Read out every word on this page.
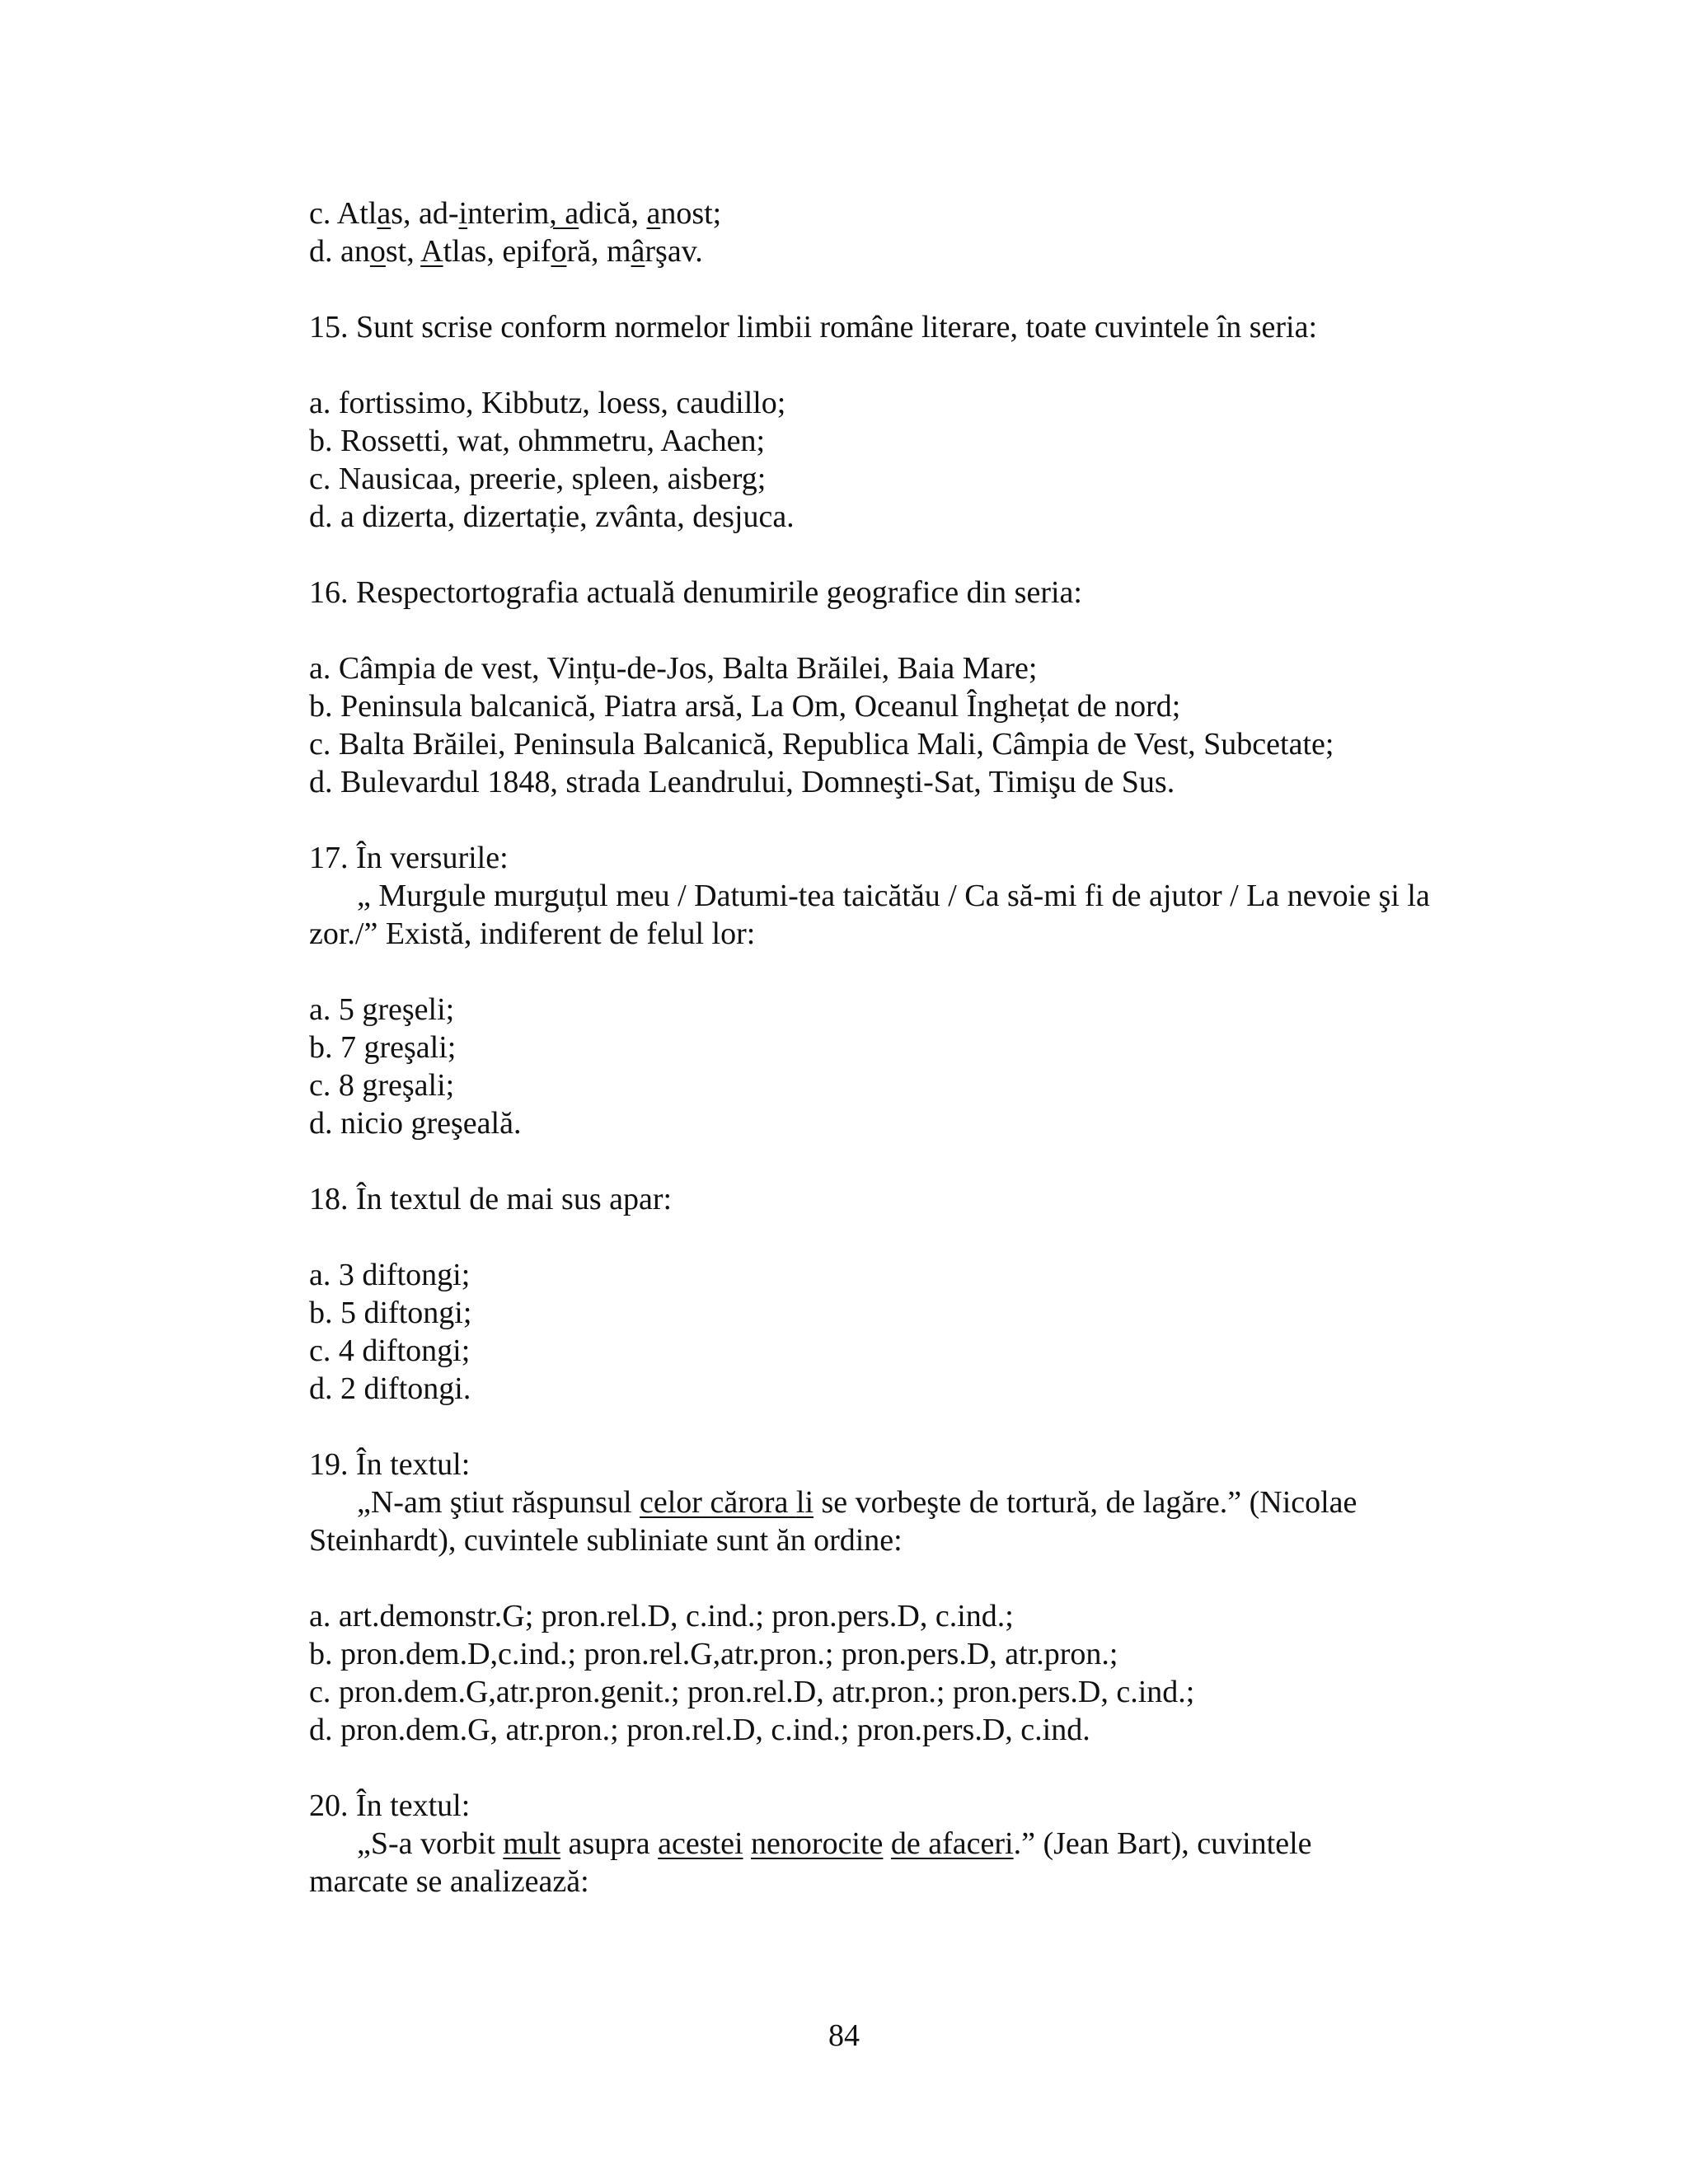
c. Atlas, ad-interim, adică, anost;
d. anost, Atlas, epiforă, mârşav.
15. Sunt scrise conform normelor limbii române literare, toate cuvintele în seria:
a. fortissimo, Kibbutz, loess, caudillo;
b. Rossetti, wat, ohmmetru, Aachen;
c. Nausicaa, preerie, spleen, aisberg;
d. a dizerta, dizertație, zvânta, desjuca.
16. Respectortografia actuală denumirile geografice din seria:
a. Câmpia de vest, Vințu-de-Jos, Balta Brăilei, Baia Mare;
b. Peninsula balcanică, Piatra arsă, La Om, Oceanul Înghețat de nord;
c. Balta Brăilei, Peninsula Balcanică, Republica Mali, Câmpia de Vest, Subcetate;
d. Bulevardul 1848, strada Leandrului, Domneşti-Sat, Timişu de Sus.
17. În versurile:
„ Murgule murguțul meu / Datumi-tea taicătău / Ca să-mi fi de ajutor / La nevoie şi la
zor./” Există, indiferent de felul lor:
a. 5 greşeli;
b. 7 greşali;
c. 8 greşali;
d. nicio greşeală.
18. În textul de mai sus apar:
a. 3 diftongi;
b. 5 diftongi;
c. 4 diftongi;
d. 2 diftongi.
19. În textul:
„N-am ştiut răspunsul celor cărora li se vorbeşte de tortură, de lagăre.” (Nicolae
Steinhardt), cuvintele subliniate sunt ăn ordine:
a. art.demonstr.G; pron.rel.D, c.ind.; pron.pers.D, c.ind.;
b. pron.dem.D,c.ind.; pron.rel.G,atr.pron.; pron.pers.D, atr.pron.;
c. pron.dem.G,atr.pron.genit.; pron.rel.D, atr.pron.; pron.pers.D, c.ind.;
d. pron.dem.G, atr.pron.; pron.rel.D, c.ind.; pron.pers.D, c.ind.
20. În textul:
„S-a vorbit mult asupra acestei nenorocite de afaceri.” (Jean Bart), cuvintele
marcate se analizează:
84
